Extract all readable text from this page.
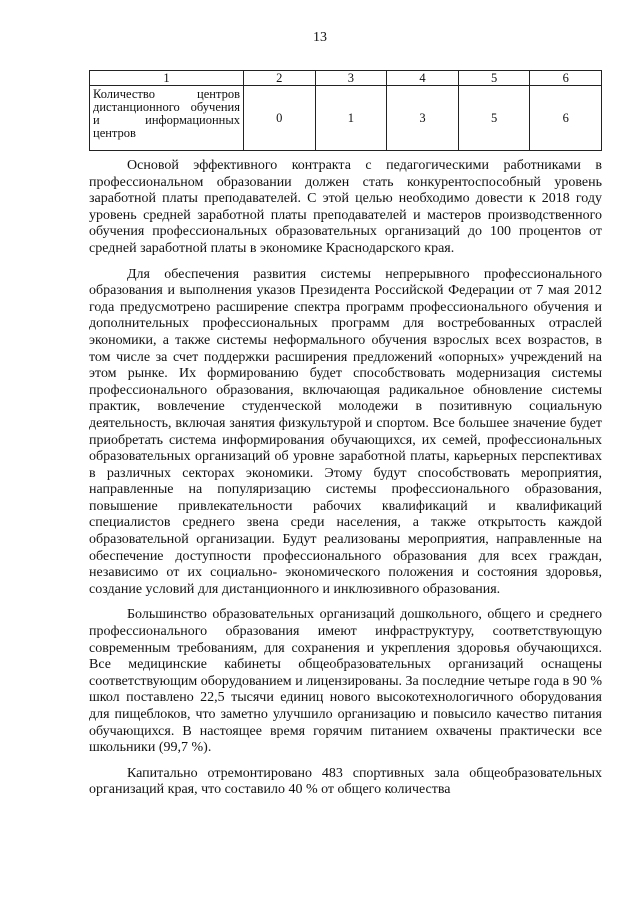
13
1	2	3	4	5	6
Количество центров дистанционного обучения и информационных центров	0	1	3	5	6

Основой эффективного контракта с педагогическими работниками в профессиональном образовании должен стать конкурентоспособный уровень заработной платы преподавателей. С этой целью необходимо довести к 2018 году уровень средней заработной платы преподавателей и мастеров производственного обучения профессиональных образовательных организаций до 100 процентов от средней заработной платы в экономике Краснодарского края.

Для обеспечения развития системы непрерывного профессионального образования и выполнения указов Президента Российской Федерации от 7 мая 2012 года предусмотрено расширение спектра программ профессионального обучения и дополнительных профессиональных программ для востребованных отраслей экономики, а также системы неформального обучения взрослых всех возрастов, в том числе за счет поддержки расширения предложений «опорных» учреждений на этом рынке. Их формированию будет способствовать модернизация системы профессионального образования, включающая радикальное обновление системы практик, вовлечение студенческой молодежи в позитивную социальную деятельность, включая занятия физкультурой и спортом. Все большее значение будет приобретать система информирования обучающихся, их семей, профессиональных образовательных организаций об уровне заработной платы, карьерных перспективах в различных секторах экономики. Этому будут способствовать мероприятия, направленные на популяризацию системы профессионального образования, повышение привлекательности рабочих квалификаций и квалификаций специалистов среднего звена среди населения, а также открытость каждой образовательной организации. Будут реализованы мероприятия, направленные на обеспечение доступности профессионального образования для всех граждан, независимо от их социально- экономического положения и состояния здоровья, создание условий для дистанционного и инклюзивного образования.

Большинство образовательных организаций дошкольного, общего и среднего профессионального образования имеют инфраструктуру, соответствующую современным требованиям, для сохранения и укрепления здоровья обучающихся. Все медицинские кабинеты общеобразовательных организаций оснащены соответствующим оборудованием и лицензированы. За последние четыре года в 90 % школ поставлено 22,5 тысячи единиц нового высокотехнологичного оборудования для пищеблоков, что заметно улучшило организацию и повысило качество питания обучающихся. В настоящее время горячим питанием охвачены практически все школьники (99,7 %).

Капитально отремонтировано 483 спортивных зала общеобразовательных организаций края, что составило 40 % от общего количества
